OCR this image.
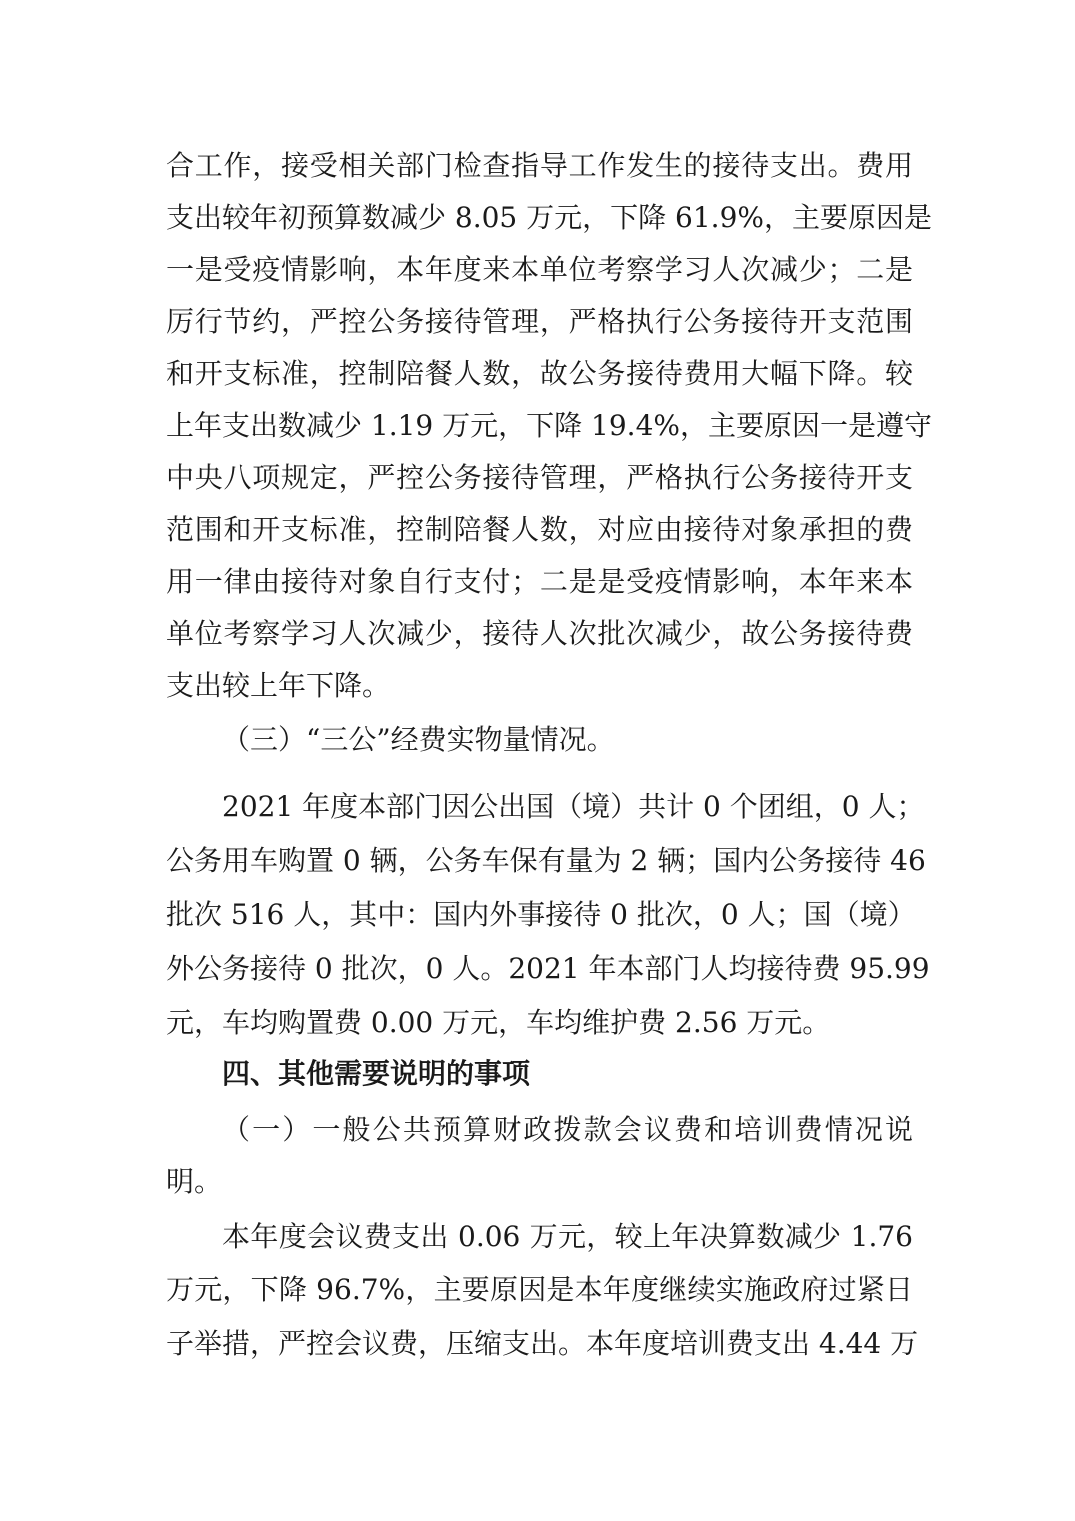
合工作，接受相关部门检查指导工作发生的接待支出。费用
支出较年初预算数减少 8.05 万元，下降 61.9%，主要原因是
一是受疫情影响，本年度来本单位考察学习人次减少；二是
厉行节约，严控公务接待管理，严格执行公务接待开支范围
和开支标准，控制陪餐人数，故公务接待费用大幅下降。较
上年支出数减少 1.19 万元，下降 19.4%，主要原因一是遵守
中央八项规定，严控公务接待管理，严格执行公务接待开支
范围和开支标准，控制陪餐人数，对应由接待对象承担的费
用一律由接待对象自行支付；二是是受疫情影响，本年来本
单位考察学习人次减少，接待人次批次减少，故公务接待费
支出较上年下降。
（三）“三公”经费实物量情况。
2021 年度本部门因公出国（境）共计 0 个团组，0 人；
公务用车购置 0 辆，公务车保有量为 2 辆；国内公务接待 46
批次 516 人，其中：国内外事接待 0 批次，0 人；国（境）
外公务接待 0 批次，0 人。2021 年本部门人均接待费 95.99
元，车均购置费 0.00 万元，车均维护费 2.56 万元。
四、其他需要说明的事项
（一）一般公共预算财政拨款会议费和培训费情况说
明。
本年度会议费支出 0.06 万元，较上年决算数减少 1.76
万元，下降 96.7%，主要原因是本年度继续实施政府过紧日
子举措，严控会议费，压缩支出。本年度培训费支出 4.44 万
